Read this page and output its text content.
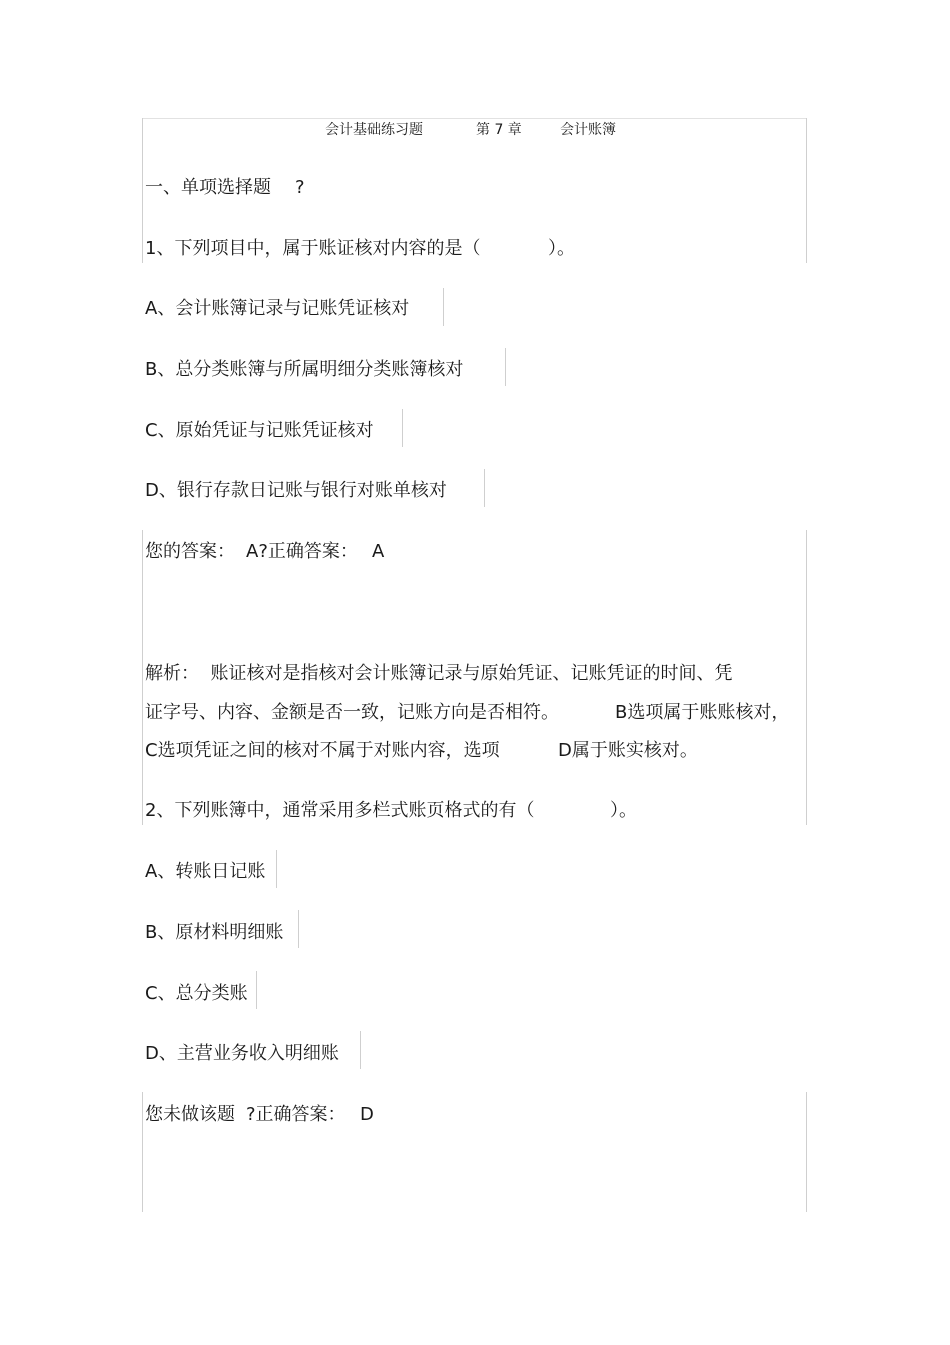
会计基础练习题	第 7 章	会计账簿
一、单项选择题 ?
1、下列项目中，属于账证核对内容的是（	）。
A、会计账簿记录与记账凭证核对
B、总分类账簿与所属明细分类账簿核对
C、原始凭证与记账凭证核对
D、银行存款日记账与银行对账单核对
您的答案： A?正确答案： A
解析：  账证核对是指核对会计账簿记录与原始凭证、记账凭证的时间、凭
证字号、内容、金额是否一致，记账方向是否相符。	B选项属于账账核对，
C选项凭证之间的核对不属于对账内容，选项	D属于账实核对。
2、下列账簿中，通常采用多栏式账页格式的有（	）。
A、转账日记账
B、原材料明细账
C、总分类账
D、主营业务收入明细账
您未做该题 ?正确答案： D
